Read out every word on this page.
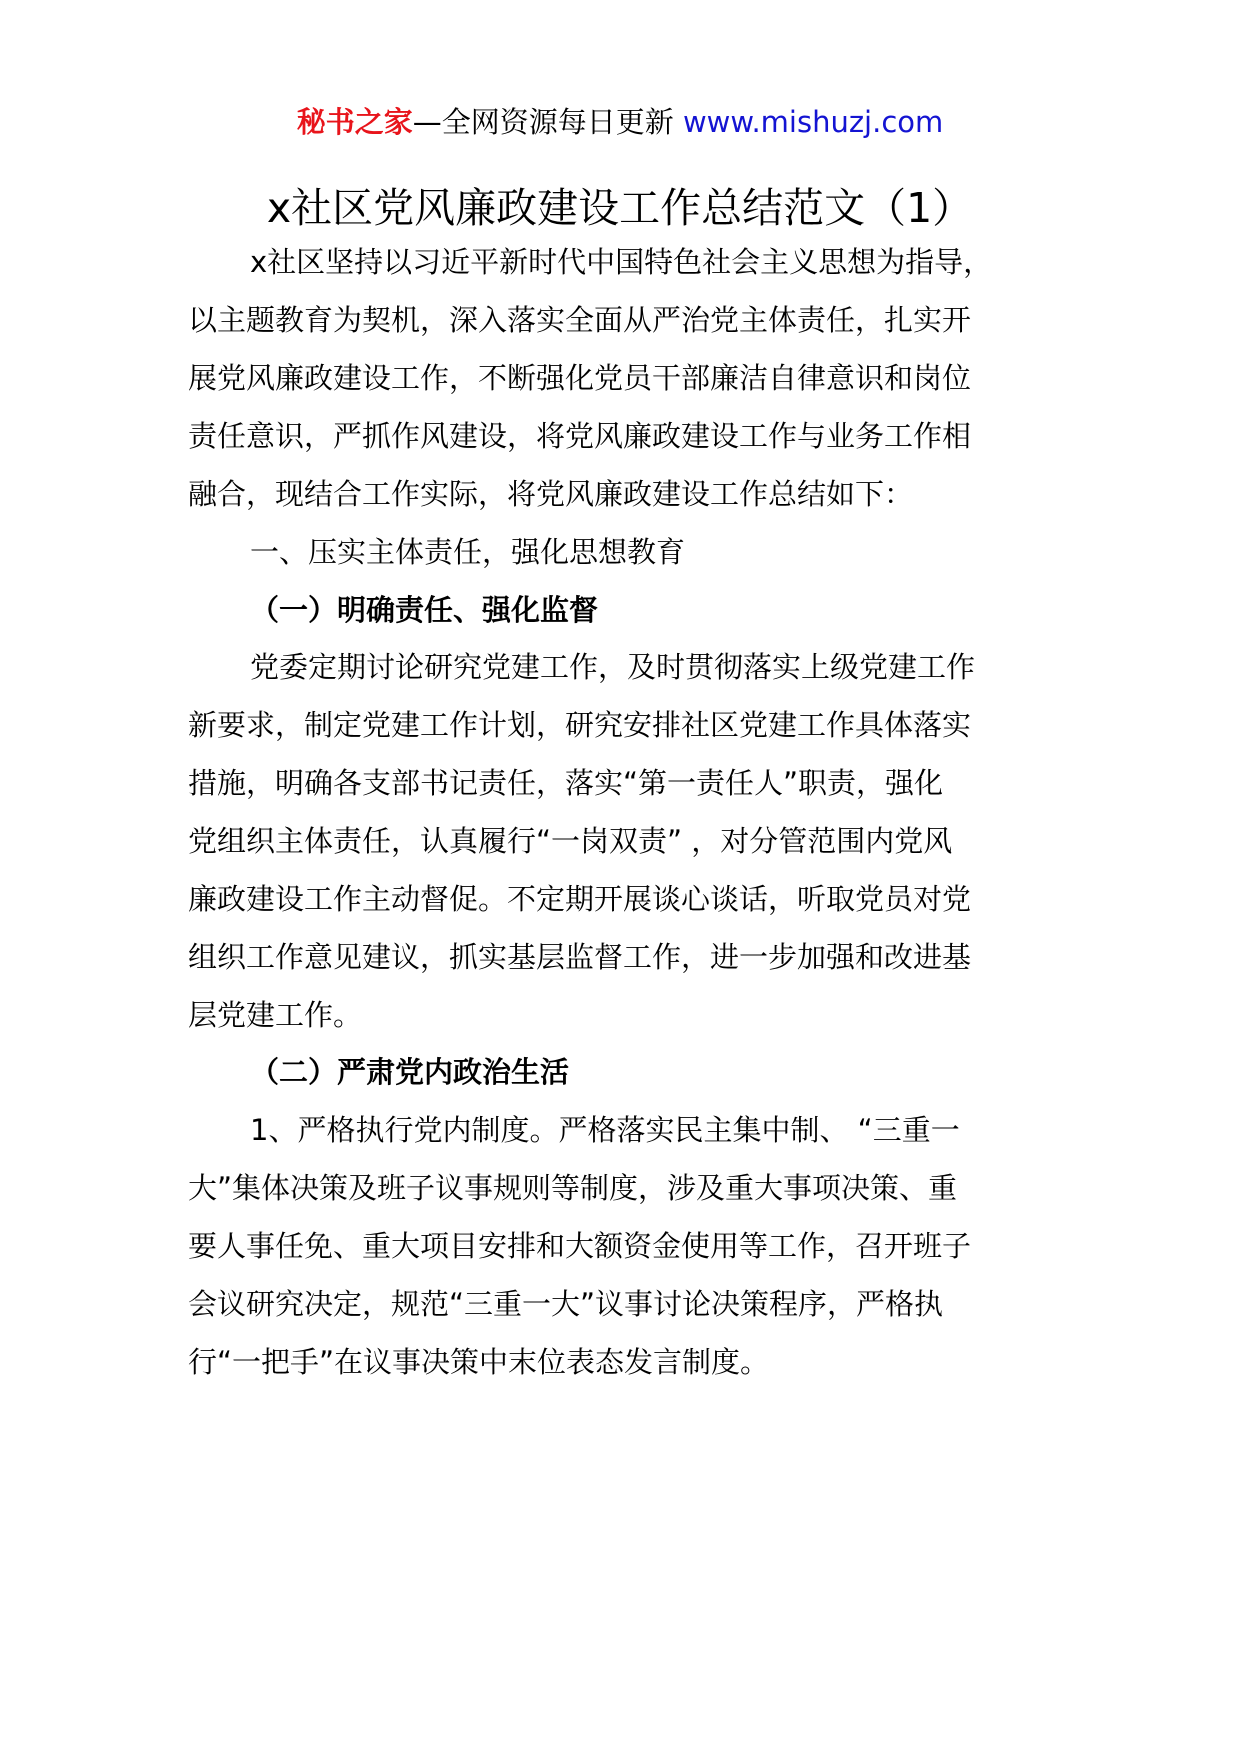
秘书之家—全网资源每日更新 www.mishuzj.com
x社区党风廉政建设工作总结范文（1）
x社区坚持以习近平新时代中国特色社会主义思想为指导，
以主题教育为契机，深入落实全面从严治党主体责任，扎实开
展党风廉政建设工作，不断强化党员干部廉洁自律意识和岗位
责任意识，严抓作风建设，将党风廉政建设工作与业务工作相
融合，现结合工作实际，将党风廉政建设工作总结如下：
一、压实主体责任，强化思想教育
（一）明确责任、强化监督
党委定期讨论研究党建工作，及时贯彻落实上级党建工作
新要求，制定党建工作计划，研究安排社区党建工作具体落实
措施，明确各支部书记责任，落实“第一责任人”职责，强化
党组织主体责任，认真履行“一岗双责” ，对分管范围内党风
廉政建设工作主动督促。不定期开展谈心谈话，听取党员对党
组织工作意见建议，抓实基层监督工作，进一步加强和改进基
层党建工作。
（二）严肃党内政治生活
1、严格执行党内制度。严格落实民主集中制、 “三重一
大”集体决策及班子议事规则等制度，涉及重大事项决策、重
要人事任免、重大项目安排和大额资金使用等工作，召开班子
会议研究决定，规范“三重一大”议事讨论决策程序，严格执
行“一把手”在议事决策中末位表态发言制度。
